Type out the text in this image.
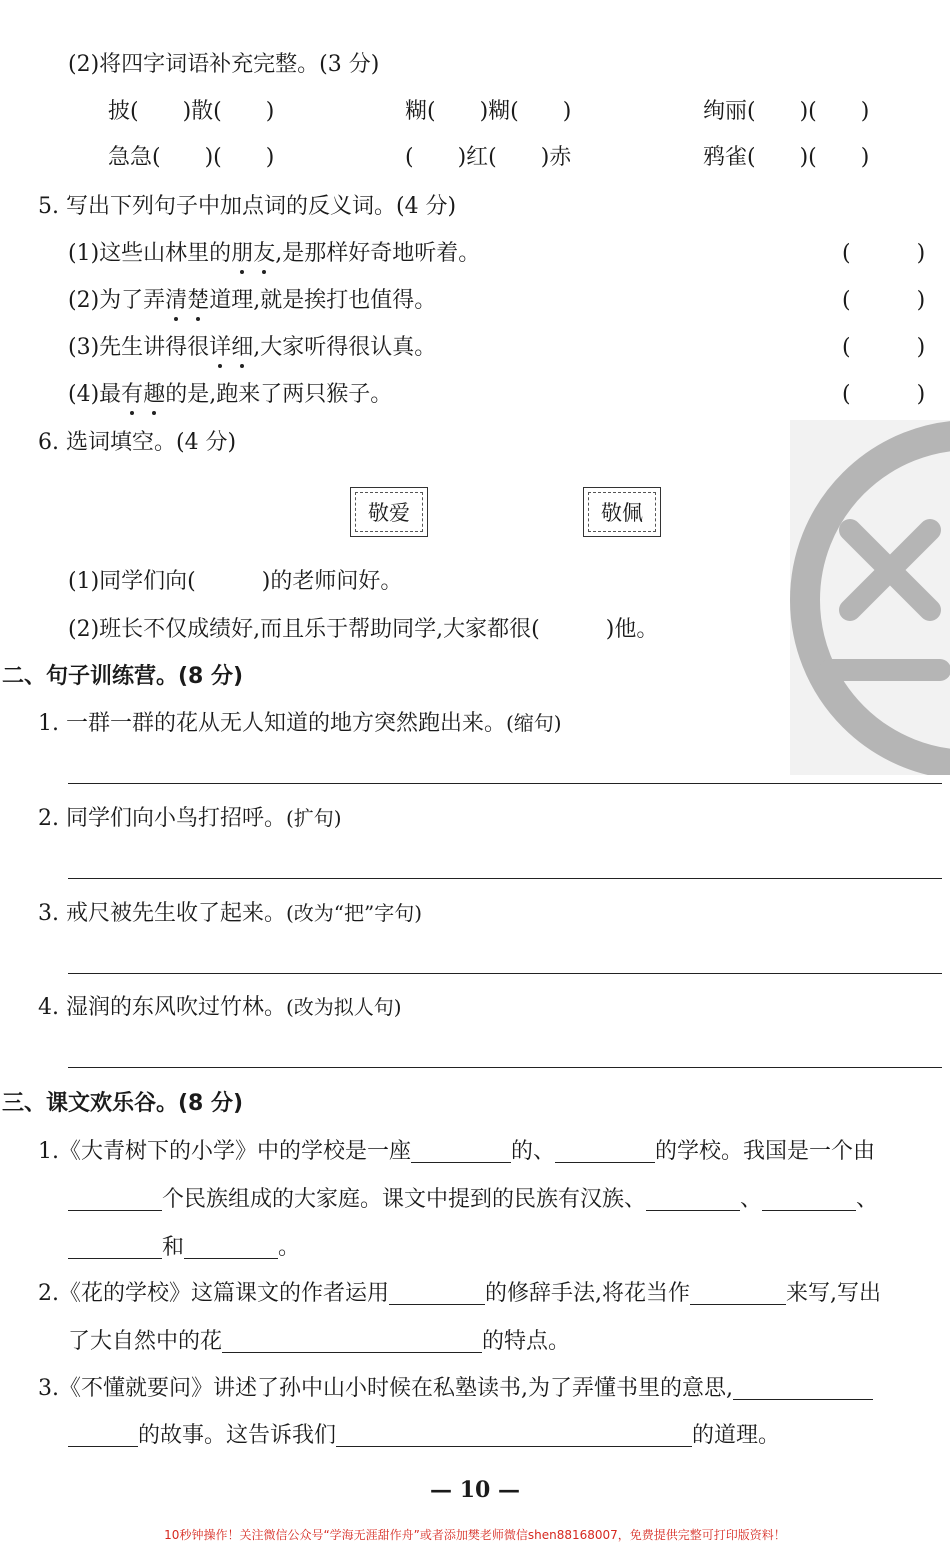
(2)将四字词语补充完整。(3 分)
披(　　)散(　　)	糊(　　)糊(　　)	绚丽(　　)(　　)
急急(　　)(　　)	(　　)红(　　)赤	鸦雀(　　)(　　)
5. 写出下列句子中加点词的反义词。(4 分)
(1)这些山林里的朋友,是那样好奇地听着。	(　　　)
(2)为了弄清楚道理,就是挨打也值得。	(　　　)
(3)先生讲得很详细,大家听得很认真。	(　　　)
(4)最有趣的是,跑来了两只猴子。	(　　　)
6. 选词填空。(4 分)
敬爱	敬佩
(1)同学们向(　　　)的老师问好。
(2)班长不仅成绩好,而且乐于帮助同学,大家都很(　　　)他。
二、句子训练营。(8 分)
1. 一群一群的花从无人知道的地方突然跑出来。(缩句)
2. 同学们向小鸟打招呼。(扩句)
3. 戒尺被先生收了起来。(改为“把”字句)
4. 湿润的东风吹过竹林。(改为拟人句)
三、课文欢乐谷。(8 分)
1.《大青树下的小学》中的学校是一座	的、	的学校。我国是一个由
个民族组成的大家庭。课文中提到的民族有汉族、	、	、
和	。
2.《花的学校》这篇课文的作者运用	的修辞手法,将花当作	来写,写出
了大自然中的花	的特点。
3.《不懂就要问》讲述了孙中山小时候在私塾读书,为了弄懂书里的意思,
的故事。这告诉我们	的道理。
— 10 —
10秒钟操作！关注微信公众号“学海无涯甜作舟”或者添加樊老师微信shen88168007，免费提供完整可打印版资料！
